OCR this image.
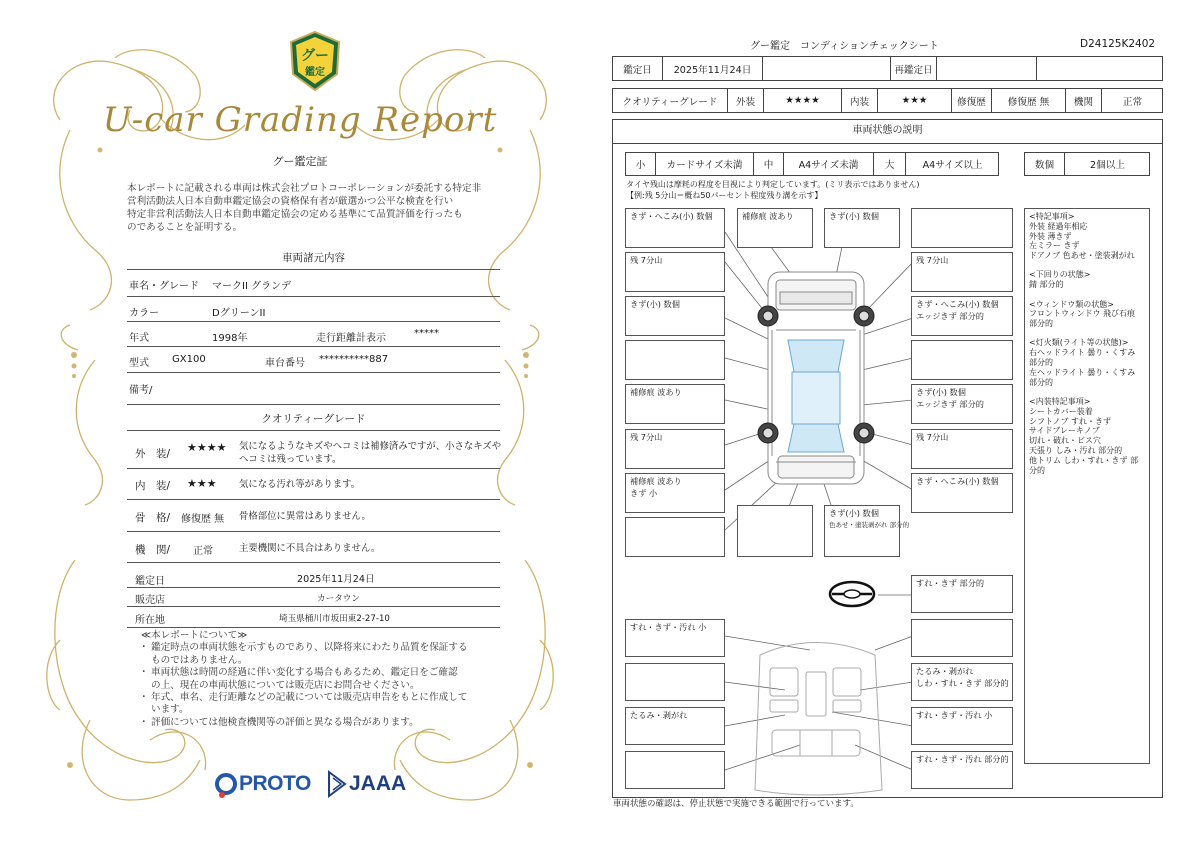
グー
鑑定
U-car Grading Report
グー鑑定証
本レポートに記載される車両は株式会社プロトコーポレーションが委託する特定非
営利活動法人日本自動車鑑定協会の資格保有者が厳選かつ公平な検査を行い
特定非営利活動法人日本自動車鑑定協会の定める基準にて品質評価を行ったも
のであることを証明する。
車両諸元内容
車名・グレード マークII グランデ
カラー	DグリーンII
年式	1998年	走行距離計表示	*****
型式 GX100	車台番号 **********887
備考/
クオリティーグレード
外　装/ ★★★★ 気になるようなキズやヘコミは補修済みですが、小さなキズや
ヘコミは残っています。
内　装/ ★★★ 気になる汚れ等があります。
骨　格/ 修復歴 無 骨格部位に異常はありません。
機　関/ 正常	主要機関に不具合はありません。
鑑定日	2025年11月24日
販売店	カータウン
所在地	埼玉県桶川市坂田東2-27-10
≪本レポートについて≫
・ 鑑定時点の車両状態を示すものであり、以降将来にわたり品質を保証する
ものではありません。
・ 車両状態は時間の経過に伴い変化する場合もあるため、鑑定日をご確認
の上、現在の車両状態については販売店にお問合せください。
・ 年式、車名、走行距離などの記載については販売店申告をもとに作成して
います。
・ 評価については他検査機関等の評価と異なる場合があります。
PROTO JAAA
グー鑑定　コンディションチェックシート	D24125K2402
鑑定日	2025年11月24日	再鑑定日
クオリティーグレード	外装	★★★★	内装	★★★	修復歴	修復歴 無	機関	正常
車両状態の説明
小	カードサイズ未満	中	A4サイズ未満	大	A4サイズ以上	数個	2個以上
タイヤ残山は摩耗の程度を目視により判定しています。(ミリ表示ではありません)
【例:残 5分山＝概ね50パーセント程度残り溝を示す】
きず・へこみ(小) 数個	補修痕 波あり	きず(小) 数個
残 7分山	残 7分山
きず(小) 数個	きず・へこみ(小) 数個
エッジきず 部分的
補修痕 波あり	きず(小) 数個
エッジきず 部分的
残 7分山	残 7分山
補修痕 波あり
きず 小
きず・へこみ(小) 数個
きず(小) 数個
色あせ・塗装剥がれ 部分的
すれ・きず 部分的
すれ・きず・汚れ 小
たるみ・剥がれ
しわ・すれ・きず 部分的
たるみ・剥がれ	すれ・きず・汚れ 小
すれ・きず・汚れ 部分的
<特記事項>
外装 経過年相応
外装 薄きず
左ミラー きず
ドアノブ 色あせ・塗装剥がれ
<下回りの状態>
錆 部分的
<ウィンドウ類の状態>
フロントウィンドウ 飛び石痕 部分的
<灯火類(ライト等の状態)>
右ヘッドライト 曇り・くすみ 部分的
左ヘッドライト 曇り・くすみ 部分的
<内装特記事項>
シートカバー装着
シフトノブ すれ・きず
サイドブレーキノブ
切れ・破れ・ビス穴
天張り しみ・汚れ 部分的
他トリム しわ・すれ・きず 部分的
車両状態の確認は、停止状態で実施できる範囲で行っています。
